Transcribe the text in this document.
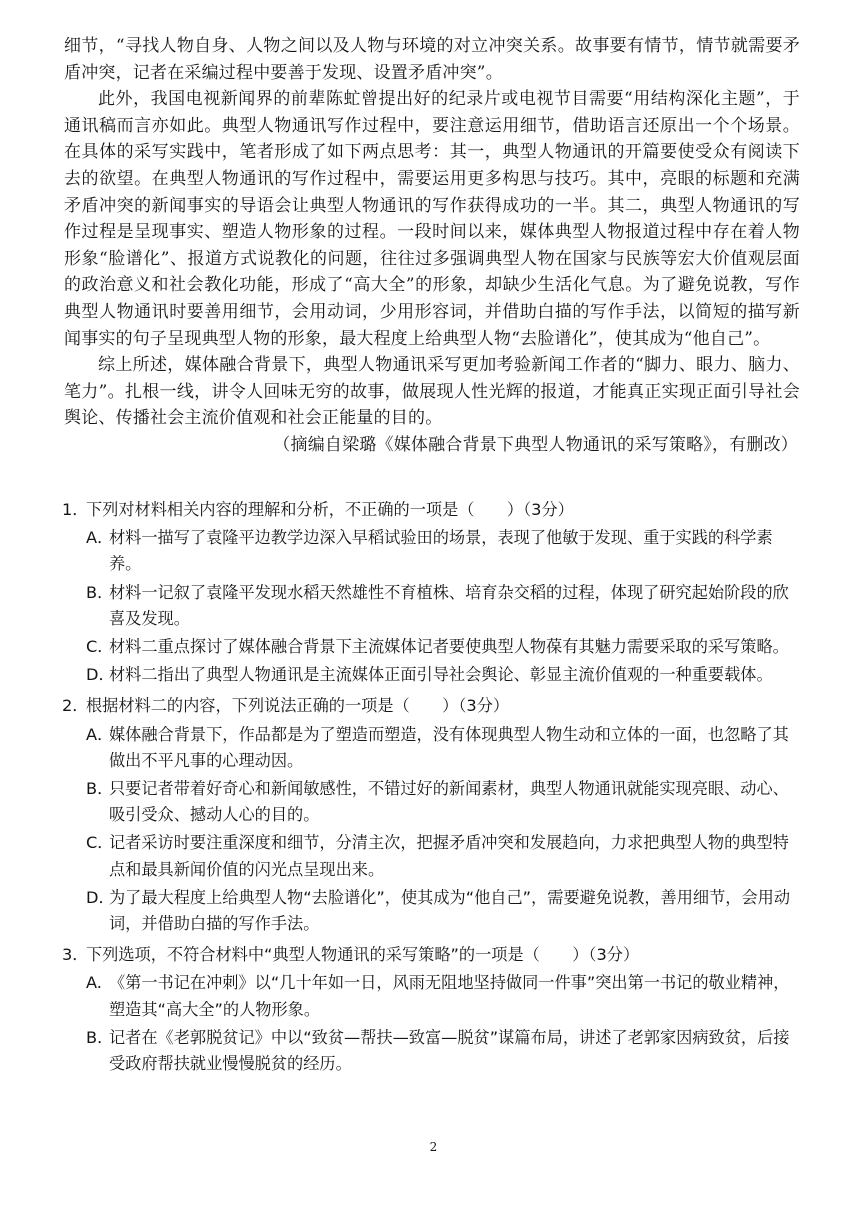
细节，“寻找人物自身、人物之间以及人物与环境的对立冲突关系。故事要有情节，情节就需要矛盾冲突，记者在采编过程中要善于发现、设置矛盾冲突”。

此外，我国电视新闻界的前辈陈虻曾提出好的纪录片或电视节目需要“用结构深化主题”，于通讯稿而言亦如此。典型人物通讯写作过程中，要注意运用细节，借助语言还原出一个个场景。在具体的采写实践中，笔者形成了如下两点思考：其一，典型人物通讯的开篇要使受众有阅读下去的欲望。在典型人物通讯的写作过程中，需要运用更多构思与技巧。其中，亮眼的标题和充满矛盾冲突的新闻事实的导语会让典型人物通讯的写作获得成功的一半。其二，典型人物通讯的写作过程是呈现事实、塑造人物形象的过程。一段时间以来，媒体典型人物报道过程中存在着人物形象“脸谱化”、报道方式说教化的问题，往往过多强调典型人物在国家与民族等宏大价值观层面的政治意义和社会教化功能，形成了“高大全”的形象，却缺少生活化气息。为了避免说教，写作典型人物通讯时要善用细节，会用动词，少用形容词，并借助白描的写作手法，以简短的描写新闻事实的句子呈现典型人物的形象，最大程度上给典型人物“去脸谱化”，使其成为“他自己”。

综上所述，媒体融合背景下，典型人物通讯采写更加考验新闻工作者的“脚力、眼力、脑力、笔力”。扎根一线，讲令人回味无穷的故事，做展现人性光辉的报道，才能真正实现正面引导社会舆论、传播社会主流价值观和社会正能量的目的。

（摘编自梁璐《媒体融合背景下典型人物通讯的采写策略》，有删改）

1．
下列对材料相关内容的理解和分析，不正确的一项是（　　）（3分）
A．
材料一描写了袁隆平边教学边深入早稻试验田的场景，表现了他敏于发现、重于实践的科学素养。
B．
材料一记叙了袁隆平发现水稻天然雄性不育植株、培育杂交稻的过程，体现了研究起始阶段的欣喜及发现。
C．
材料二重点探讨了媒体融合背景下主流媒体记者要使典型人物葆有其魅力需要采取的采写策略。
D．
材料二指出了典型人物通讯是主流媒体正面引导社会舆论、彰显主流价值观的一种重要载体。
2．
根据材料二的内容，下列说法正确的一项是（　　）（3分）
A．
媒体融合背景下，作品都是为了塑造而塑造，没有体现典型人物生动和立体的一面，也忽略了其做出不平凡事的心理动因。
B．
只要记者带着好奇心和新闻敏感性，不错过好的新闻素材，典型人物通讯就能实现亮眼、动心、吸引受众、撼动人心的目的。
C．
记者采访时要注重深度和细节，分清主次，把握矛盾冲突和发展趋向，力求把典型人物的典型特点和最具新闻价值的闪光点呈现出来。
D．
为了最大程度上给典型人物“去脸谱化”，使其成为“他自己”，需要避免说教，善用细节，会用动词，并借助白描的写作手法。
3．
下列选项，不符合材料中“典型人物通讯的采写策略”的一项是（　　）（3分）
A. 《第一书记在冲刺》以“几十年如一日，风雨无阻地坚持做同一件事”突出第一书记的敬业精神，塑造其“高大全”的人物形象。
B．
记者在《老郭脱贫记》中以“致贫—帮扶—致富—脱贫”谋篇布局，讲述了老郭家因病致贫，后接受政府帮扶就业慢慢脱贫的经历。
2
